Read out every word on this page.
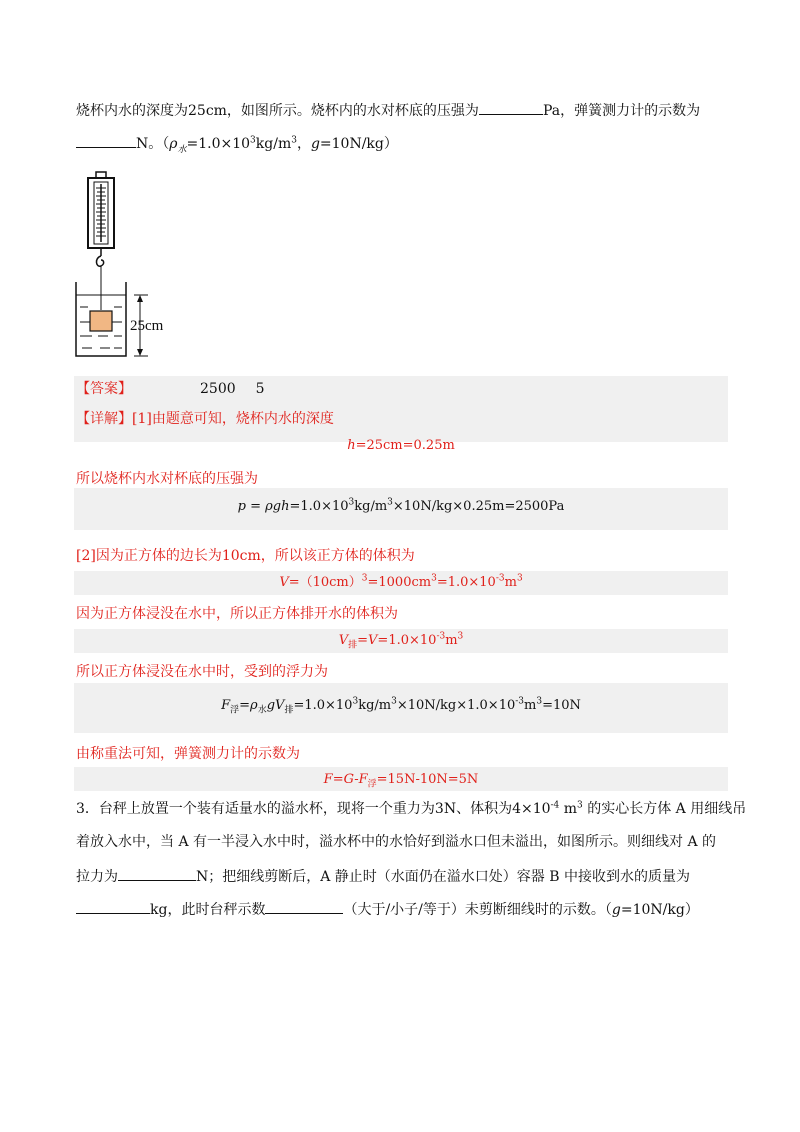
烧杯内水的深度为25cm，如图所示。烧杯内的水对杯底的压强为	Pa，弹簧测力计的示数为
N。（$\rho_水=1.0\times 10^3kg/m^3$，g=10N/kg）
25cm
【答案】	2500 5
【详解】[1]由题意可知，烧杯内水的深度
h=25cm=0.25m
所以烧杯内水对杯底的压强为
$p = \rho gh=1.0\times 10^3kg/m^3\times 10N/kg\times 0.25m=2500Pa$
[2]因为正方体的边长为10cm，所以该正方体的体积为
$V=(10cm)^3=1000cm^3=1.0\times 10^{-3}m^3$
因为正方体浸没在水中，所以正方体排开水的体积为
$V_排=V=1.0\times 10^{-3}m^3$
所以正方体浸没在水中时，受到的浮力为
$F_浮=\rho_水gV_排=1.0\times 10^3kg/m^3\times 10N/kg\times 1.0\times 10^{-3}m^3=10N$
由称重法可知，弹簧测力计的示数为
$F=G-F_浮=15N-10N=5N$
3．台秤上放置一个装有适量水的溢水杯，现将一个重力为3N、体积为$4\times 10^{-4}$ $m^3$ 的实心长方体 A 用细线吊
着放入水中，当 A 有一半浸入水中时，溢水杯中的水恰好到溢水口但未溢出，如图所示。则细线对 A 的
拉力为	N；把细线剪断后，A 静止时（水面仍在溢水口处）容器 B 中接收到水的质量为
kg，此时台秤示数	（大于/小子/等于）未剪断细线时的示数。（g=10N/kg）
